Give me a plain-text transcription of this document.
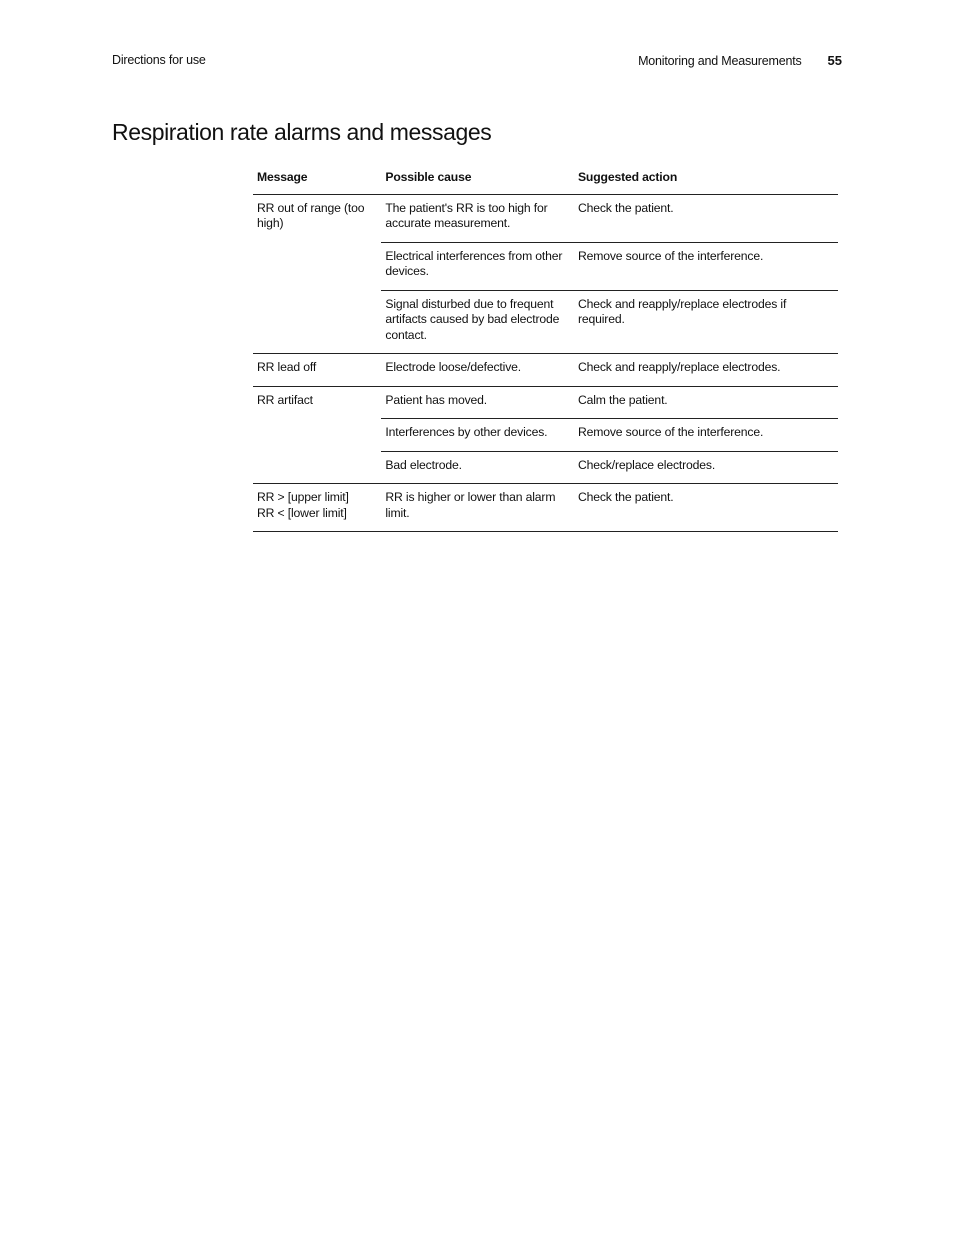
Directions for use	Monitoring and Measurements 55
Respiration rate alarms and messages
Message	Possible cause	Suggested action

RR out of range (too high)	The patient's RR is too high for accurate measurement.	Check the patient.
	Electrical interferences from other devices.	Remove source of the interference.
	Signal disturbed due to frequent artifacts caused by bad electrode contact.	Check and reapply/replace electrodes if required.

RR lead off	Electrode loose/defective.	Check and reapply/replace electrodes.

RR artifact	Patient has moved.	Calm the patient.
	Interferences by other devices.	Remove source of the interference.
	Bad electrode.	Check/replace electrodes.

RR > [upper limit]
RR < [lower limit]	RR is higher or lower than alarm limit.	Check the patient.
